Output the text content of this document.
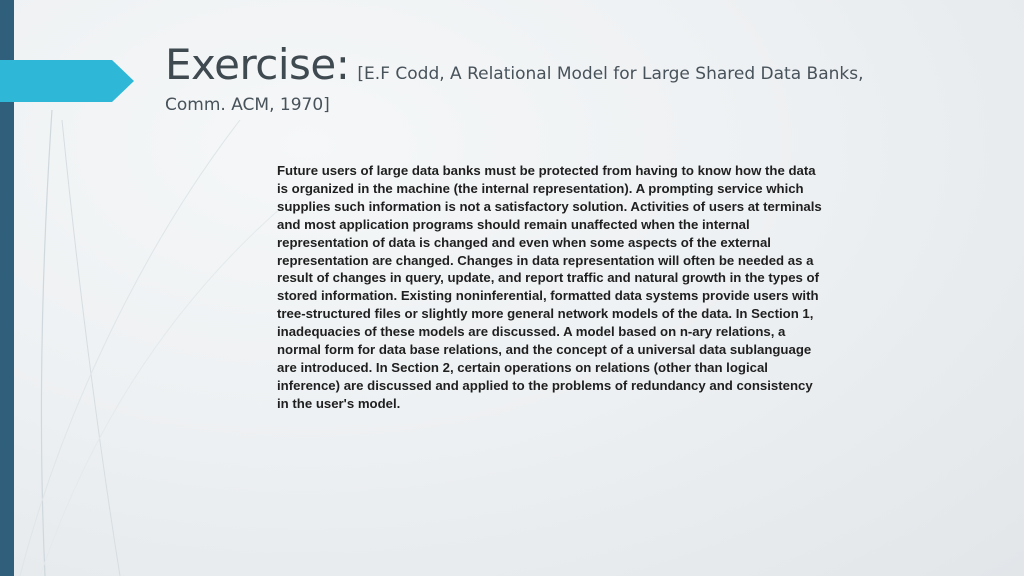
Exercise: [E.F Codd, A Relational Model for Large Shared Data Banks,
Comm. ACM, 1970]

Future users of large data banks must be protected from having to know how the data is organized in the machine (the internal representation). A prompting service which supplies such information is not a satisfactory solution. Activities of users at terminals and most application programs should remain unaffected when the internal representation of data is changed and even when some aspects of the external representation are changed. Changes in data representation will often be needed as a result of changes in query, update, and report traffic and natural growth in the types of stored information. Existing noninferential, formatted data systems provide users with tree-structured files or slightly more general network models of the data. In Section 1, inadequacies of these models are discussed. A model based on n-ary relations, a normal form for data base relations, and the concept of a universal data sublanguage are introduced. In Section 2, certain operations on relations (other than logical inference) are discussed and applied to the problems of redundancy and consistency in the user's model.
